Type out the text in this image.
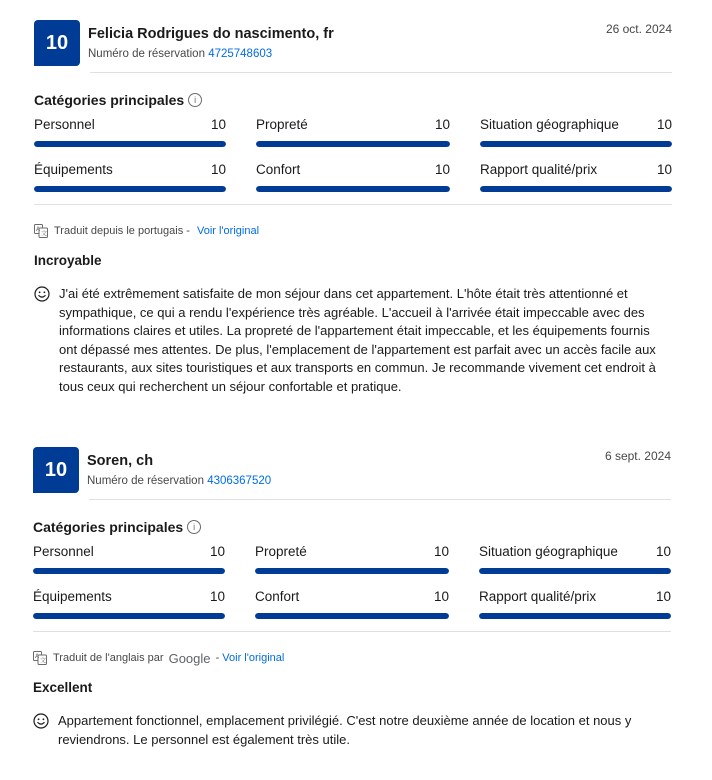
10	Felicia Rodrigues do nascimento, fr
Numéro de réservation 4725748603
26 oct. 2024
Catégories principales	i
Personnel	10 Propreté	10 Situation géographique	10
Équipements	10 Confort	10 Rapport qualité/prix	10
A
文 Traduit depuis le portugais - Voir l'original
Incroyable
J'ai été extrêmement satisfaite de mon séjour dans cet appartement. L'hôte était très attentionné et sympathique, ce qui a rendu l'expérience très agréable. L'accueil à l'arrivée était impeccable avec des informations claires et utiles. La propreté de l'appartement était impeccable, et les équipements fournis ont dépassé mes attentes. De plus, l'emplacement de l'appartement est parfait avec un accès facile aux restaurants, aux sites touristiques et aux transports en commun. Je recommande vivement cet endroit à tous ceux qui recherchent un séjour confortable et pratique.
10	Soren, ch
Numéro de réservation 4306367520
6 sept. 2024
Catégories principales	i
Personnel	10 Propreté	10 Situation géographique	10
Équipements	10 Confort	10 Rapport qualité/prix	10
A
文 Traduit de l'anglais par Google - Voir l'original
Excellent
Appartement fonctionnel, emplacement privilégié. C'est notre deuxième année de location et nous y reviendrons. Le personnel est également très utile.
